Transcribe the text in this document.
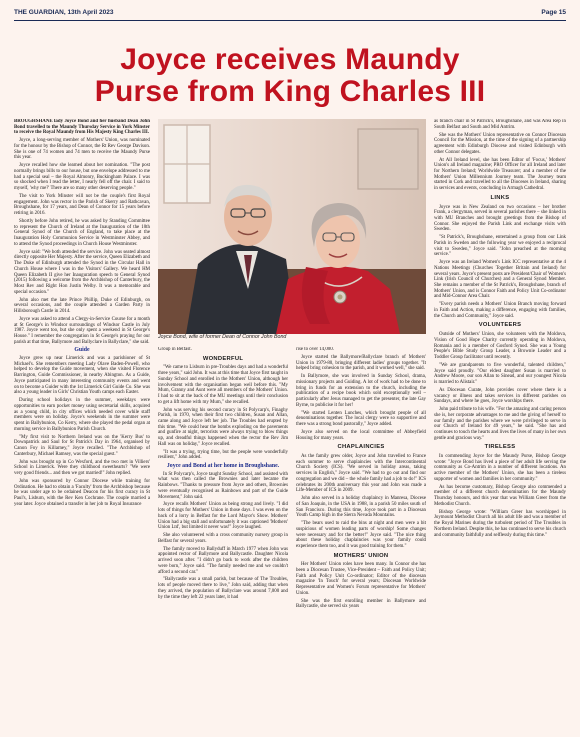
THE GUARDIAN, 13th April 2023	Page 15
Joyce receives Maundy
Purse from King Charles III

BROUGHSHANE lady Joyce Bond and her husband Dean John Bond travelled to the Maundy Thursday Service in York Minster to receive the Royal Maundy from His Majesty King Charles III.

Joyce, a long-serving member of Mothers' Union, was nominated for the honour by the Bishop of Connor, the Rt Rev George Davison. She is one of 74 women and 74 men to receive the Maundy Purse this year.

Joyce recalled how she learned about her nomination. "The post normally brings bills to our house, but one envelope addressed to me had a special seal – the Royal Almonry, Buckingham Palace. I was so shocked when I read the letter, I nearly fell off the chair. I said to myself, 'why me?' There are so many other deserving people."

The visit to York Minster will not be the couple's first Royal engagement. John was rector in the Parish of Skerry and Rathcavan, Broughshane, for 17 years, and Dean of Connor for 15 years before retiring in 2016.

Shortly before John retired, he was asked by Standing Committee to represent the Church of Ireland at the Inauguration of the 10th General Synod of the Church of England, to take place at the Inauguration Holy Communion Service in Westminster Abbey, and to attend the Synod proceedings in Church House Westminster.

Joyce said: "We both attended the service. John was seated almost directly opposite Her Majesty. After the service, Queen Elizabeth and The Duke of Edinburgh attended the Synod in the Circular Hall in Church House where I was in the Visitors' Gallery. We heard HM Queen Elizabeth II give her Inauguration speech to General Synod (2015) following a welcome from the Archbishop of Canterbury, the Most Rev and Right Hon Justin Welby. It was a memorable and special occasion."

John also met the late Prince Phillip, Duke of Edinburgh, on several occasions, and the couple attended a Garden Party in Hillsborough Castle in 2014.

Joyce was asked to attend a Clergy-in-Service Course for a month at St George's in Windsor surroundings of Windsor Castle in July 1987. Joyce went too, but she only spent a weekend in St George's House." I remember the congregation in St George's praying for our parish at that time, Ballymore and Ballyclare in Ballyclare," she said.

Guide

Joyce grew up near Limerick and was a parishioner of St Michael's. She remembers meeting Lady Olave Baden-Powell, who helped to develop the Guide movement, when she visited Florence Barrington, Guide Commissioner, in nearby Abington. As a Guide, Joyce participated in many interesting community events and went on to become a Guider with the 1st Limerick Girl Guide Co. She was also a young leader in Girls' Christian Youth camps each Easter.

During school holidays in the summer, weekdays were opportunities to earn pocket money using secretarial skills, acquired as a young child, in city offices which needed cover while staff members were on holiday. Joyce's weekends in the summer were spent in Ballybunion, Co Kerry, where she played the pedal organ at morning service in Ballybunion Parish Church.

"My first visit to Northern Ireland was on the 'Kerry Bus' to Downpatrick and Saul for St Patrick's Day in 1964, organised by Canon Foy in Killarney," Joyce recalled. "The Archbishop of Canterbury, Michael Ramsey, was the special guest."

John was brought up in Co Wexford, and the two met in Villiers' School in Limerick. Were they childhood sweethearts? "We were very good friends... and then we got married!" John replied.

John was sponsored by Connor Diocese while training for Ordination. He had to obtain a 'Faculty' from the Archbishop because he was under age to be ordained Deacon for his first curacy in St Paul's, Lisburn, with the Rev Ken Cochrane. The couple married a year later. Joyce obtained a transfer in her job to Royal Insurance

Joyce Bond, wife of former Dean of Connor John Bond

Group in Belfast.

WONDERFUL

"We came to Lisburn in pre-Troubles days and had a wonderful three years," said John. It was at this time that Joyce first taught in Sunday School and enrolled in the Mothers' Union, although her involvement with the organisation began well before this. "My Mum, Granny and Aunt were all members of the Mothers' Union. I had to sit at the back of the MU meetings until their conclusion to get a lift home with my Mum," she recalled.

John was serving his second curacy in St Polycarp's, Finaghy Parish, in 1970, when their first two children, Susan and Allan, came along and Joyce left her job. The Troubles had erupted by this time. "We could hear the bombs exploding on the pavements and gunfire at night, terrorists were always trying to blow things up, and dreadful things happened when the rector the Rev Jim Hall was on holiday," Joyce recalled.

"It was a trying, trying time, but the people were wonderfully resilient," John added.

Joyce and Bond at her home in Broughshane.

In St Polycarp's, Joyce taught Sunday School, and assisted with what was then called the Brownies and later became the Rainbows. "Thanks to pressure from Joyce and others, Brownies were eventually recognised as Rainbows and part of the Guide Movement," John said.

Joyce recalls Mothers' Union as being strong and lively. "I did lots of things for Mothers' Union in those days. I was even on the back of a lorry in Belfast for the Lord Mayor's Show. Mothers' Union had a big stall and unfortunately it was captioned 'Mothers' Union Ltd', but limited it never was!" Joyce laughed.

She also volunteered with a cross community nursery group in Belfast for several years.

The family moved to Ballyduff in March 1977 when John was appointed rector of Ballymore and Ballycastle. Daughter Nicola arrived soon after. "I didn't go back to work after the children were born," Joyce said. "The family needed me and we couldn't afford a second car."

"Ballycastle was a small parish, but because of The Troubles, lots of people moved there to live," John said, adding that when they arrived, the population of Ballyclare was around 7,000 and by the time they left 22 years later, it had

rise to over 14,000.

Joyce started the Ballymore/Ballyclare branch of Mothers' Union in 1979-80, bringing different ladies' groups together. "It helped bring cohesion to the parish, and it worked well," she said.

In Ballymore, she was involved in Sunday School, drama, missionary projects and Guiding. A lot of work had to be done to bring in funds for an extension to the church, including the publication of a recipe book which sold exceptionally well – particularly after Jesus managed to get the presenter, the late Gay Byrne, to publicise it for her!

"We started Lenten Lunches, which brought people of all denominations together. The local clergy were so supportive and there was a strong bond pastorally," Joyce added.

Joyce also served on the local committee of Abbeyfield Housing for many years.

CHAPLAINCIES

As the family grew older, Joyce and John travelled to France each summer to serve chaplaincies with the Intercontinental Church Society (ICS). "We served in holiday areas, taking services in English," Joyce said. "We had to go out and find our congregation and we did – the whole family had a job to do!" ICS celebrates its 200th anniversary this year and John was made a Life-Member of ICS in 2009.

John also served in a holiday chaplaincy in Manresa, Diocese of San Joaquin, in the USA in 1988, in a parish 50 miles south of San Francisco. During this time, Joyce took part in a Diocesan Youth Camp high in the Sierra Nevada Mountains.

"The bears used to raid the bins at night and men were a bit suspicious of women leading parts of worship! Some changes were necessary and for the better!" Joyce said. "The nice thing about these holiday chaplaincies was your family could experience them too, and it was good training for them."

MOTHERS' UNION

Her Mothers' Union roles have been many. In Connor she has been a Diocesan Trustee, Vice-President – Faith and Policy Unit; Faith and Policy Unit Co-ordinator; Editor of the diocesan magazine 'In Touch' for several years; Diocesan Worldwide Representative and Women's Forum representative for Mothers' Union.

She was the first enrolling member in Ballymore and Ballycastle, she served six years

as branch chair in St Patrick's, Broughshane, and was Area Rep in South Belfast and South and Mid Antrim.

She was the Mothers' Union representative on Connor Diocesan Council for the Mission, at the time of the signing of a partnership agreement with Edinburgh Diocese and visited Edinburgh with other Connor delegates.

At All Ireland level, she has been Editor of 'Focus,' Mothers' Union's all Ireland magazine; PRO Officer for all Ireland and later for Northern Ireland; Worldwide Treasurer; and a member of the Mothers' Union Millennium Journey team. The Journey team started in Cork and travelled to all the Dioceses in Ireland, sharing in services and events, concluding in Armagh Cathedral.

LINKS

Joyce was in New Zealand on two occasions – her brother Frank, a clergyman, served in several parishes there – she linked in with MU Branches and brought greetings from the Bishop of Connor. She enjoyed the Parish Link and exchange visits with Sweden.

"St Patrick's, Broughshane, entertained a group from our Link Parish in Sweden and the following year we enjoyed a reciprocal visit to Sweden," Joyce said. "John preached at the morning service."

Joyce was an Ireland Women's Link ICC representative at the 4 Nations Meetings (Churches Together Britain and Ireland) for several years. Joyce's present posts are President/Chair of Women's Link (Irish Council of Churches) and a General Synod Member. She remains a member of the St Patrick's, Broughshane, branch of Mothers' Union, and is Connor Faith and Policy Unit Co-ordinator and Mid-Connor Area Chair.

"Every parish needs a Mothers' Union Branch moving forward in Faith and Action, making a difference, engaging with families, the Church and Community," Joyce said.

VOLUNTEERS

Outside of Mothers' Union, she volunteers with the Moldova, Vision of Good Hope Charity currently operating in Moldova, Romania and is a member of Gosford Synod. She was a Young People's Bible Study Group Leader, a Brownie Leader and a Toddler Group facilitator until recently.

"We are grandparents to five wonderful, talented children," Joyce said proudly. "Our eldest daughter Susan is married to Andrew Moore, our son Allan to Sinead, and our youngest Nicola is married to Alistair."

As Diocesan Curate, John provides cover where there is a vacancy or illness and takes services in different parishes on Sundays, and where he goes, Joyce worships there.

John paid tribute to his wife. "For the amazing and caring person she is, her corporate advantages to me and the giving of herself to our family and the parishes where we were privileged to serve in our Church of Ireland for 49 years," he said. "She has and continues to touch the hearts and lives the lives of many in her own gentle and gracious way."

TIRELESS

In commending Joyce for the Maundy Purse, Bishop George wrote: "Joyce Bond has lived a piece of her adult life serving the community as Co-Antrim in a number of different locations. An active member of the Mothers' Union, she has been a tireless supporter of women and families in her community."

As has become customary, Bishop George also commended a member of a different church denomination for the Maundy Thursday honours, and this year that was William Greer from the Methodist Church.

Bishop George wrote: "William Greer has worshipped in Joymount Methodist Church all his adult life and was a member of the Royal Marines during the turbulent period of The Troubles in Northern Ireland. Despite this, he has continued to serve his church and community faithfully and selflessly during this time."
